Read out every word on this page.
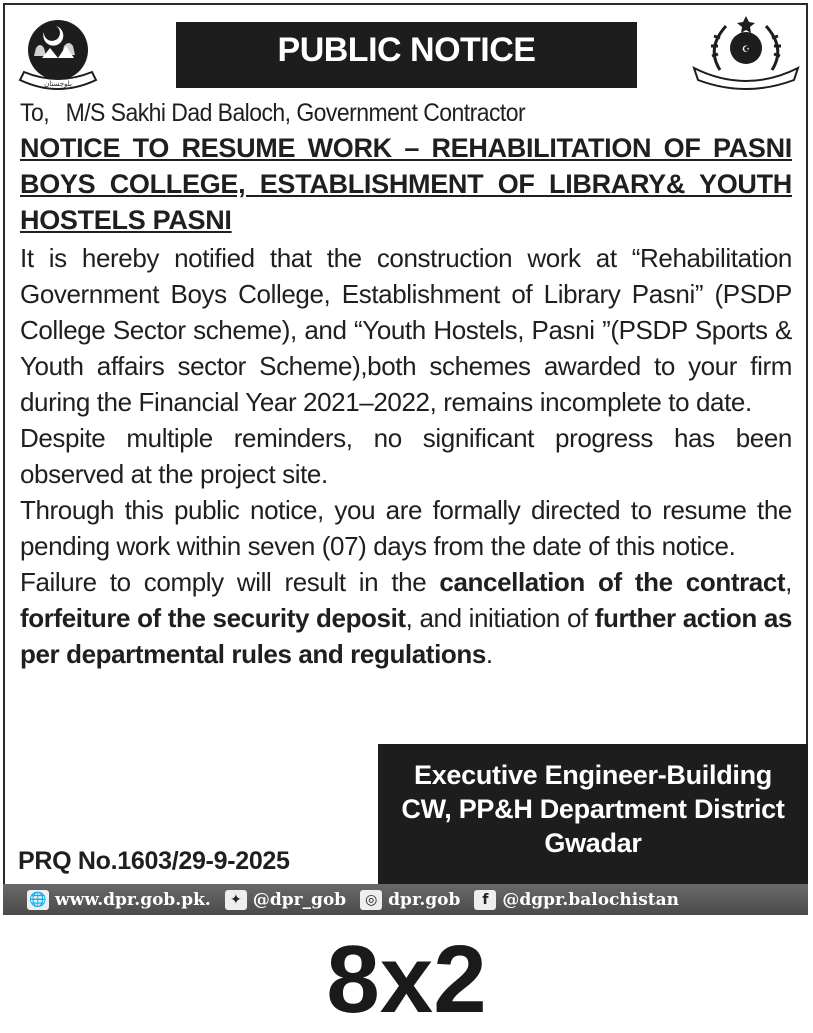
بلوچستان
PUBLIC NOTICE	☪
To, M/S Sakhi Dad Baloch, Government Contractor
NOTICE TO RESUME WORK – REHABILITATION OF PASNI BOYS COLLEGE, ESTABLISHMENT OF LIBRARY& YOUTH HOSTELS PASNI

It is hereby notified that the construction work at “Rehabilitation Government Boys College, Establishment of Library Pasni” (PSDP College Sector scheme), and “Youth Hostels, Pasni ”(PSDP Sports & Youth affairs sector Scheme),both schemes awarded to your firm during the Financial Year 2021–2022, remains incomplete to date.

Despite multiple reminders, no significant progress has been observed at the project site.

Through this public notice, you are formally directed to resume the pending work within seven (07) days from the date of this notice.

Failure to comply will result in the cancellation of the contract, forfeiture of the security deposit, and initiation of further action as per departmental rules and regulations.

Executive Engineer-Building
CW, PP&H Department District
Gwadar
PRQ No.1603/29-9-2025
🌐 www.dpr.gob.pk.	✦ @dpr_gob	◎ dpr.gob	f @dgpr.balochistan
8x2
